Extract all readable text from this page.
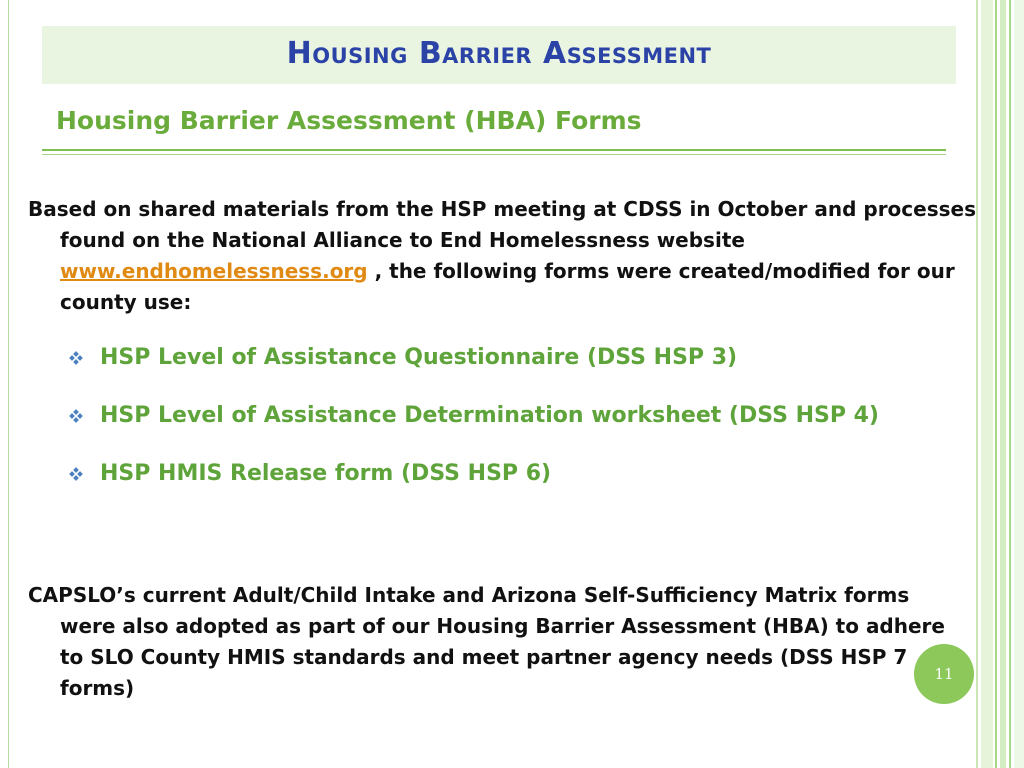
Housing Barrier Assessment
Housing Barrier Assessment (HBA) Forms

Based on shared materials from the HSP meeting at CDSS in October and processes found on the National Alliance to End Homelessness website www.endhomelessness.org , the following forms were created/modified for our county use:

HSP Level of Assistance Questionnaire (DSS HSP 3)
HSP Level of Assistance Determination worksheet (DSS HSP 4)
HSP HMIS Release form (DSS HSP 6)

CAPSLO’s current Adult/Child Intake and Arizona Self-Sufficiency Matrix forms were also adopted as part of our Housing Barrier Assessment (HBA) to adhere to SLO County HMIS standards and meet partner agency needs (DSS HSP 7 forms)

11
